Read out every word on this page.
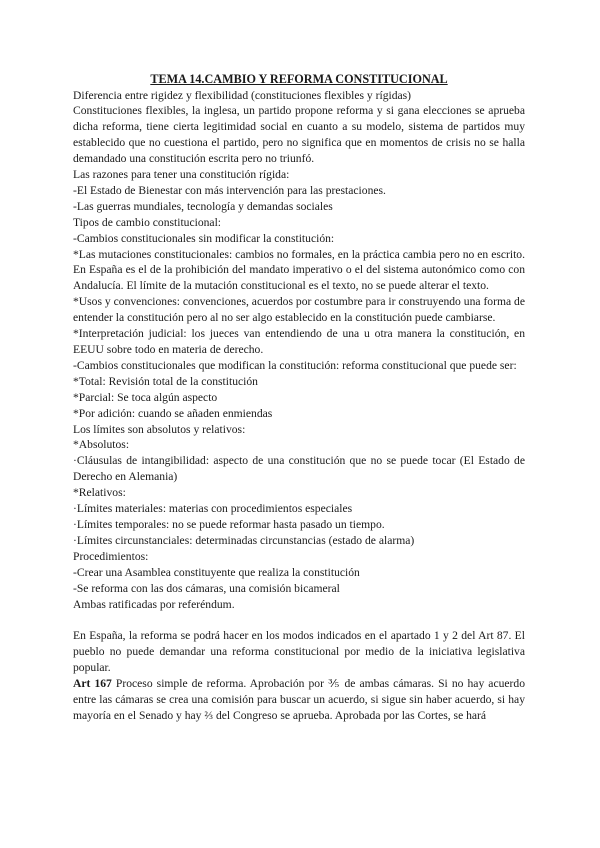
TEMA 14.CAMBIO Y REFORMA CONSTITUCIONAL

Diferencia entre rigidez y flexibilidad (constituciones flexibles y rígidas)

Constituciones flexibles, la inglesa, un partido propone reforma y si gana elecciones se aprueba dicha reforma, tiene cierta legitimidad social en cuanto a su modelo, sistema de partidos muy establecido que no cuestiona el partido, pero no significa que en momentos de crisis no se halla demandado una constitución escrita pero no triunfó.

Las razones para tener una constitución rígida:

-El Estado de Bienestar con más intervención para las prestaciones.

-Las guerras mundiales, tecnología y demandas sociales

Tipos de cambio constitucional:

-Cambios constitucionales sin modificar la constitución:

*Las mutaciones constitucionales: cambios no formales, en la práctica cambia pero no en escrito. En España es el de la prohibición del mandato imperativo o el del sistema autonómico como con Andalucía. El límite de la mutación constitucional es el texto, no se puede alterar el texto.

*Usos y convenciones: convenciones, acuerdos por costumbre para ir construyendo una forma de entender la constitución pero al no ser algo establecido en la constitución puede cambiarse.

*Interpretación judicial: los jueces van entendiendo de una u otra manera la constitución, en EEUU sobre todo en materia de derecho.

-Cambios constitucionales que modifican la constitución: reforma constitucional que puede ser:

*Total: Revisión total de la constitución

*Parcial: Se toca algún aspecto

*Por adición: cuando se añaden enmiendas

Los límites son absolutos y relativos:

*Absolutos:

·Cláusulas de intangibilidad: aspecto de una constitución que no se puede tocar (El Estado de Derecho en Alemania)

*Relativos:

·Límites materiales: materias con procedimientos especiales

·Límites temporales: no se puede reformar hasta pasado un tiempo.

·Límites circunstanciales: determinadas circunstancias (estado de alarma)

Procedimientos:

-Crear una Asamblea constituyente que realiza la constitución

-Se reforma con las dos cámaras, una comisión bicameral

Ambas ratificadas por referéndum.

En España, la reforma se podrá hacer en los modos indicados en el apartado 1 y 2 del Art 87. El pueblo no puede demandar una reforma constitucional por medio de la iniciativa legislativa popular.

Art 167 Proceso simple de reforma. Aprobación por ⅗ de ambas cámaras. Si no hay acuerdo entre las cámaras se crea una comisión para buscar un acuerdo, si sigue sin haber acuerdo, si hay mayoría en el Senado y hay ⅔ del Congreso se aprueba. Aprobada por las Cortes, se hará
